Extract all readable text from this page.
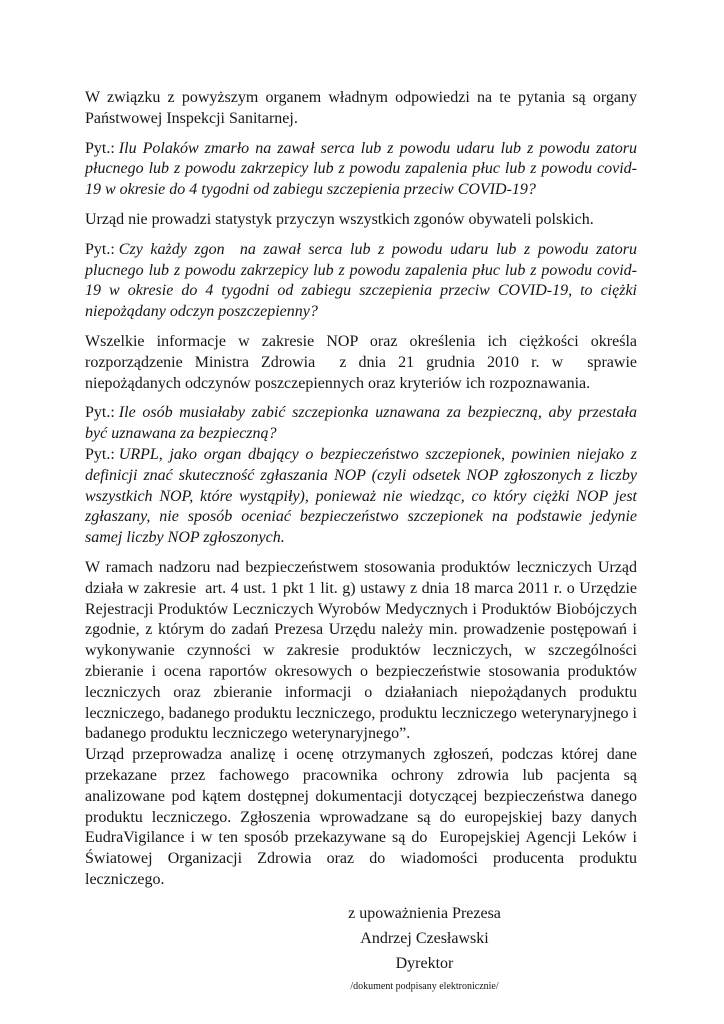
W związku z powyższym organem władnym odpowiedzi na te pytania są organy Państwowej Inspekcji Sanitarnej.

Pyt.: Ilu Polaków zmarło na zawał serca lub z powodu udaru lub z powodu zatoru płucnego lub z powodu zakrzepicy lub z powodu zapalenia płuc lub z powodu covid-19 w okresie do 4 tygodni od zabiegu szczepienia przeciw COVID-19?

Urząd nie prowadzi statystyk przyczyn wszystkich zgonów obywateli polskich.

Pyt.: Czy każdy zgon  na zawał serca lub z powodu udaru lub z powodu zatoru plucnego lub z powodu zakrzepicy lub z powodu zapalenia płuc lub z powodu covid-19 w okresie do 4 tygodni od zabiegu szczepienia przeciw COVID-19, to ciężki niepożądany odczyn poszczepienny?

Wszelkie informacje w zakresie NOP oraz określenia ich ciężkości określa rozporządzenie Ministra Zdrowia  z dnia 21 grudnia 2010 r. w  sprawie niepożądanych odczynów poszczepiennych oraz kryteriów ich rozpoznawania.

Pyt.: Ile osób musiałaby zabić szczepionka uznawana za bezpieczną, aby przestała być uznawana za bezpieczną?

Pyt.: URPL, jako organ dbający o bezpieczeństwo szczepionek, powinien niejako z definicji znać skuteczność zgłaszania NOP (czyli odsetek NOP zgłoszonych z liczby wszystkich NOP, które wystąpiły), ponieważ nie wiedząc, co który ciężki NOP jest zgłaszany, nie sposób oceniać bezpieczeństwo szczepionek na podstawie jedynie samej liczby NOP zgłoszonych.

W ramach nadzoru nad bezpieczeństwem stosowania produktów leczniczych Urząd działa w zakresie  art. 4 ust. 1 pkt 1 lit. g) ustawy z dnia 18 marca 2011 r. o Urzędzie Rejestracji Produktów Leczniczych Wyrobów Medycznych i Produktów Biobójczych zgodnie, z którym do zadań Prezesa Urzędu należy min. prowadzenie postępowań i wykonywanie czynności w zakresie produktów leczniczych, w szczególności zbieranie i ocena raportów okresowych o bezpieczeństwie stosowania produktów leczniczych oraz zbieranie informacji o działaniach niepożądanych produktu leczniczego, badanego produktu leczniczego, produktu leczniczego weterynaryjnego i badanego produktu leczniczego weterynaryjnego”.

Urząd przeprowadza analizę i ocenę otrzymanych zgłoszeń, podczas której dane przekazane przez fachowego pracownika ochrony zdrowia lub pacjenta są analizowane pod kątem dostępnej dokumentacji dotyczącej bezpieczeństwa danego produktu leczniczego. Zgłoszenia wprowadzane są do europejskiej bazy danych EudraVigilance i w ten sposób przekazywane są do  Europejskiej Agencji Leków i Światowej Organizacji Zdrowia oraz do wiadomości producenta produktu leczniczego.

z upoważnienia Prezesa
Andrzej Czesławski
Dyrektor
/dokument podpisany elektronicznie/
